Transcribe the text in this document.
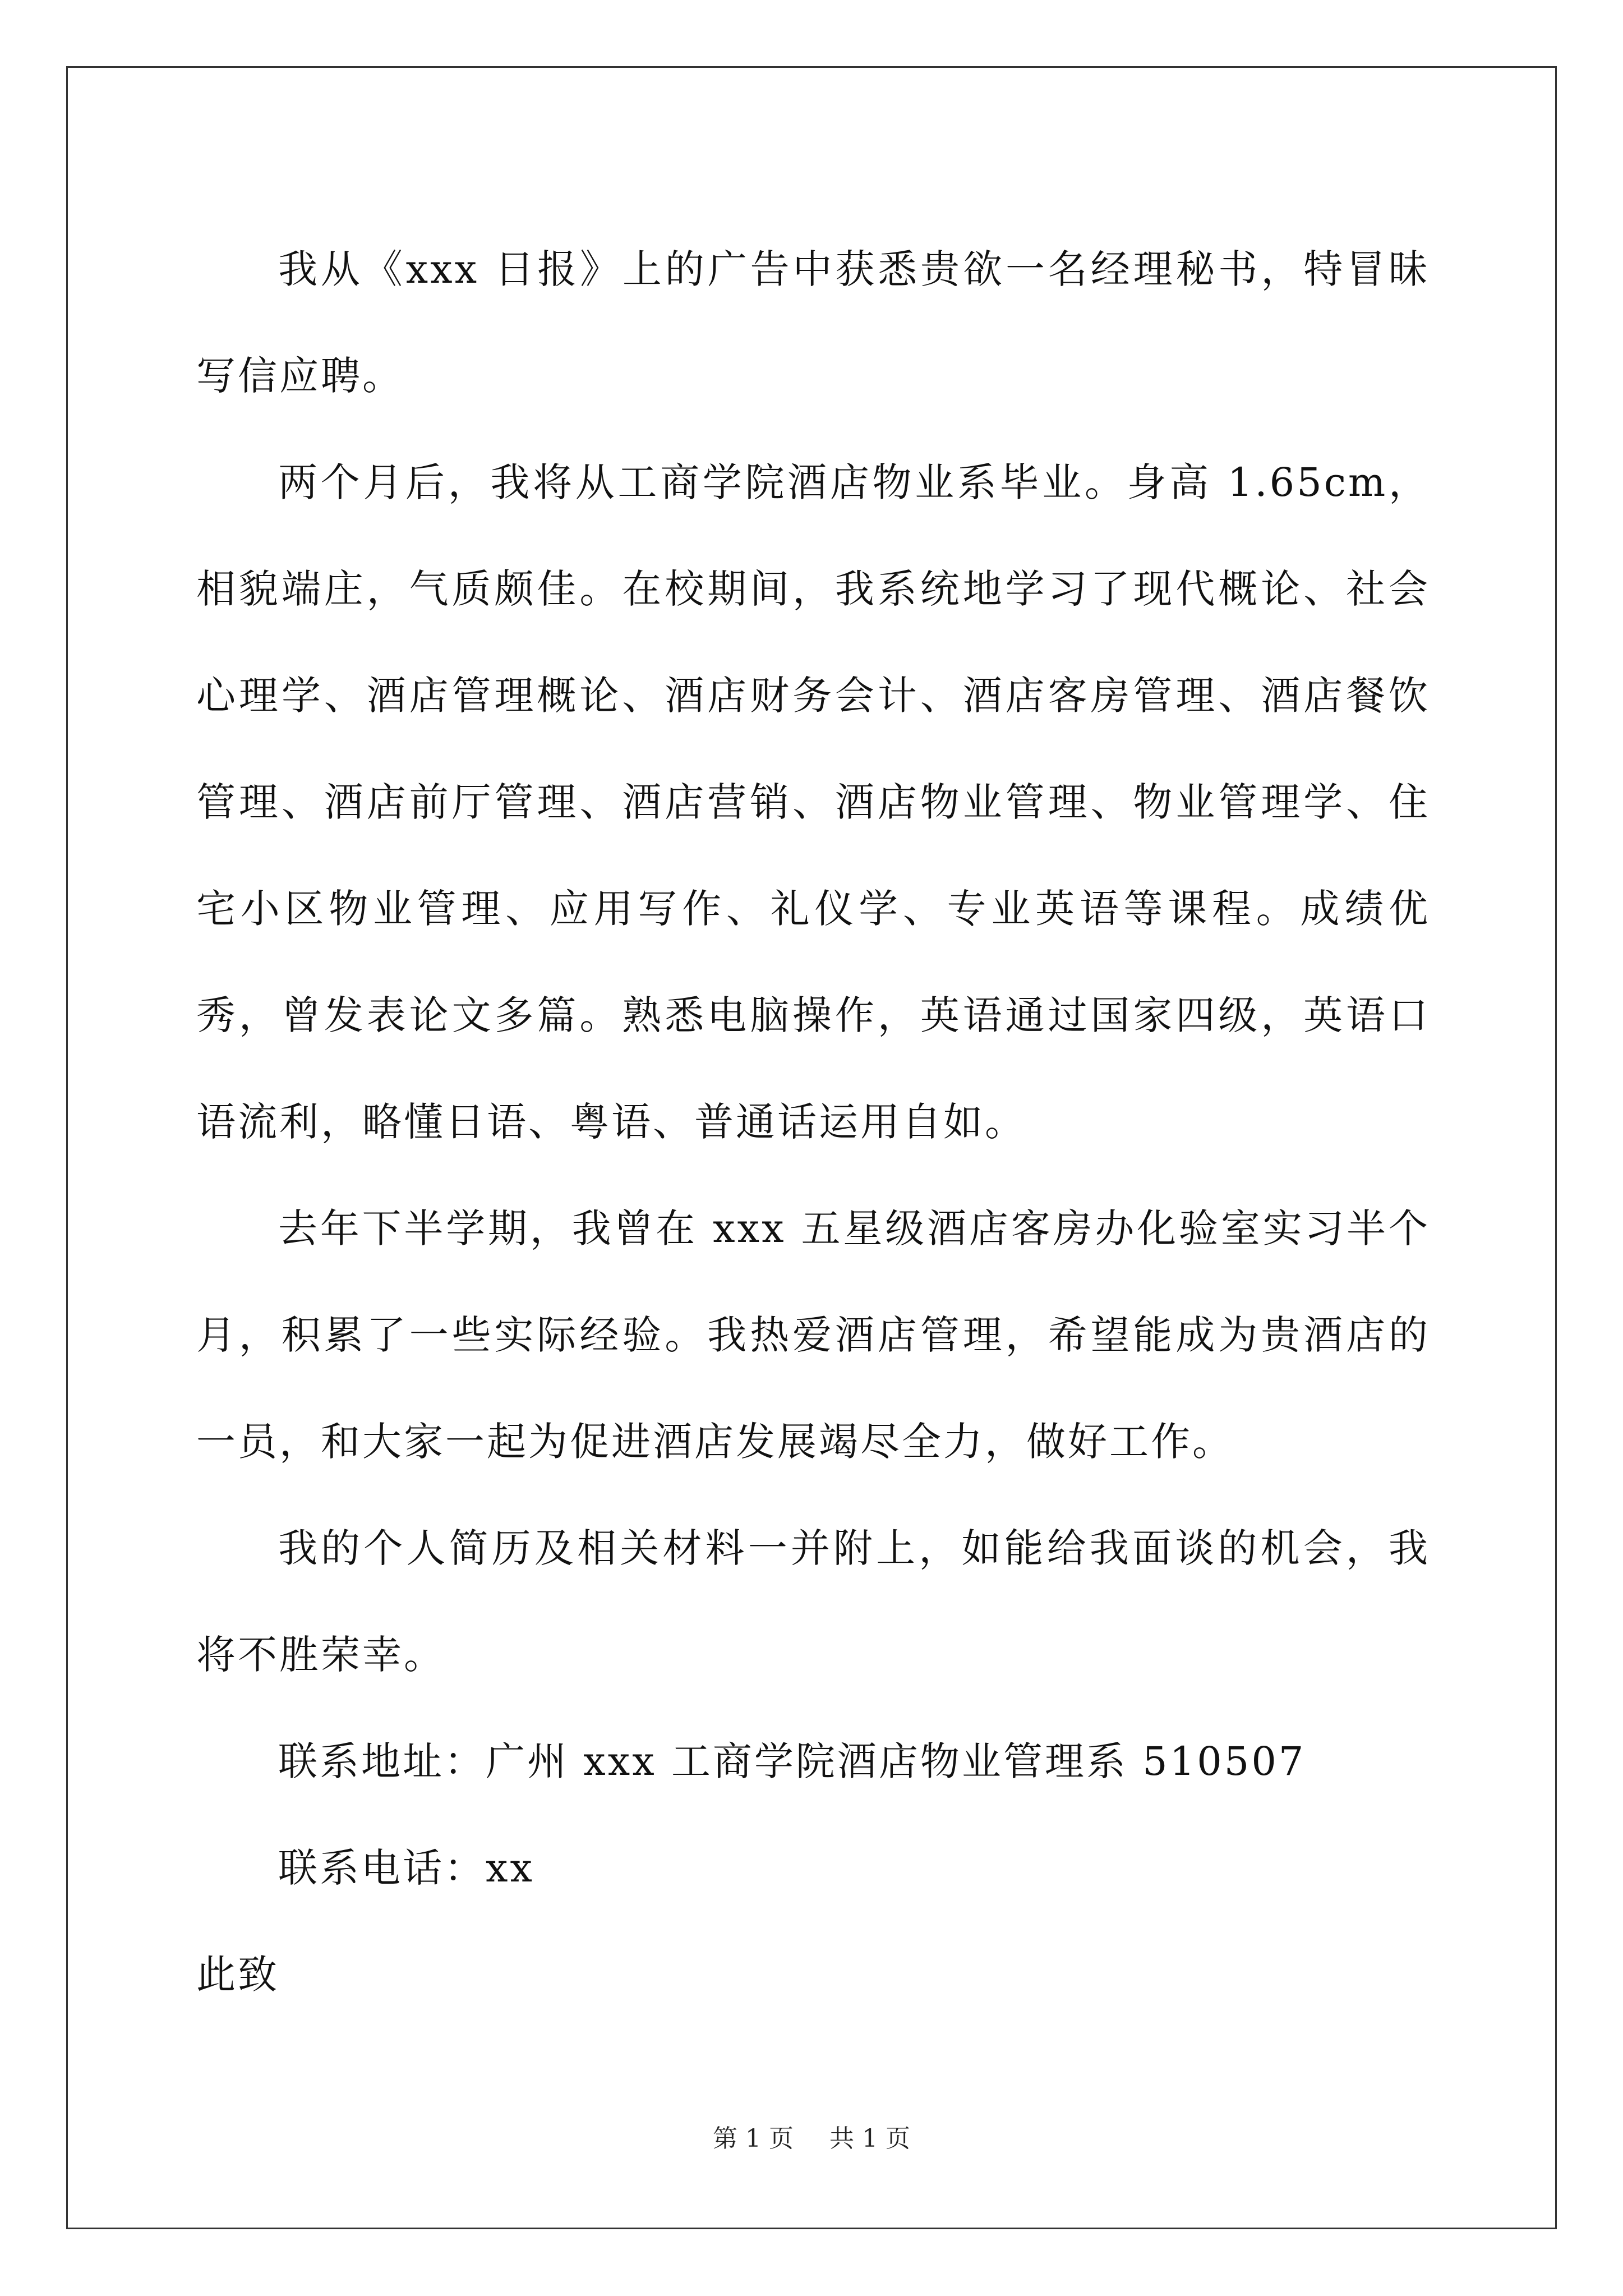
我从《xxx 日报》上的广告中获悉贵欲一名经理秘书，特冒昧写信应聘。

两个月后，我将从工商学院酒店物业系毕业。身高 1.65cm，相貌端庄，气质颇佳。在校期间，我系统地学习了现代概论、社会心理学、酒店管理概论、酒店财务会计、酒店客房管理、酒店餐饮管理、酒店前厅管理、酒店营销、酒店物业管理、物业管理学、住宅小区物业管理、应用写作、礼仪学、专业英语等课程。成绩优秀，曾发表论文多篇。熟悉电脑操作，英语通过国家四级，英语口语流利，略懂日语、粤语、普通话运用自如。

去年下半学期，我曾在 xxx 五星级酒店客房办化验室实习半个月，积累了一些实际经验。我热爱酒店管理，希望能成为贵酒店的一员，和大家一起为促进酒店发展竭尽全力，做好工作。

我的个人简历及相关材料一并附上，如能给我面谈的机会，我将不胜荣幸。

联系地址：广州 xxx 工商学院酒店物业管理系 510507

联系电话：xx

此致

第 1 页 共 1 页
